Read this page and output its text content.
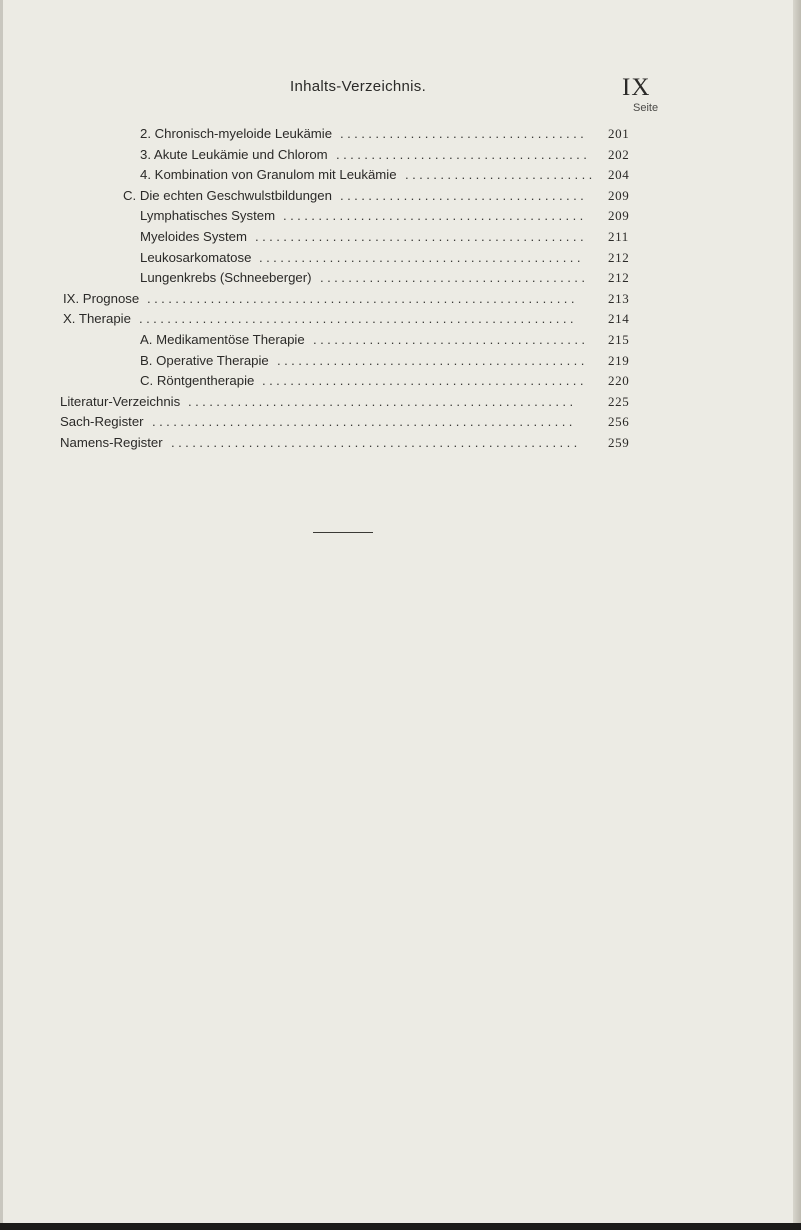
Inhalts-Verzeichnis.	IX
Seite
2. Chronisch-myeloide Leukämie ...................................	201
3. Akute Leukämie und Chlorom ....................................	202
4. Kombination von Granulom mit Leukämie ........................... 204
C. Die echten Geschwulstbildungen ...................................	209
Lymphatisches System ...........................................	209
Myeloides System ...............................................	211
Leukosarkomatose ..............................................	212
Lungenkrebs (Schneeberger) ......................................	212
IX. Prognose .............................................................	213
X. Therapie ..............................................................	214
A. Medikamentöse Therapie .......................................	215
B. Operative Therapie ............................................	219
C. Röntgentherapie ..............................................	220
Literatur-Verzeichnis .......................................................	225
Sach-Register ............................................................	256
Namens-Register ..........................................................	259
